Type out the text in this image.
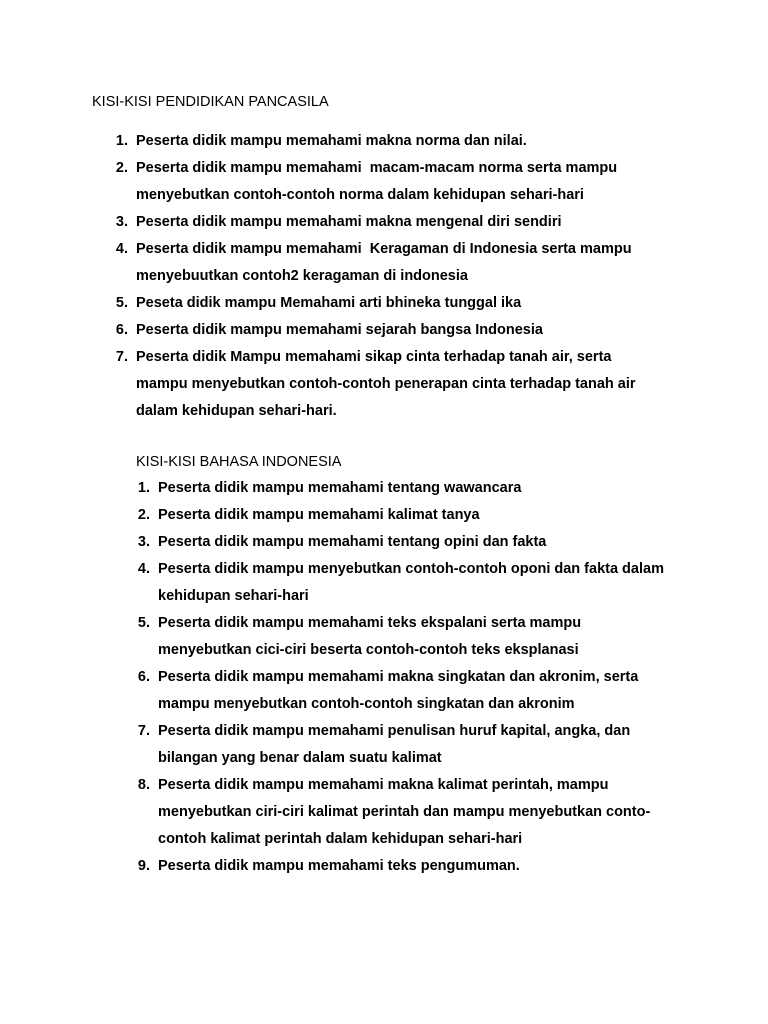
KISI-KISI PENDIDIKAN PANCASILA
1. Peserta didik mampu memahami makna norma dan nilai.
2. Peserta didik mampu memahami  macam-macam norma serta mampu menyebutkan contoh-contoh norma dalam kehidupan sehari-hari
3. Peserta didik mampu memahami makna mengenal diri sendiri
4. Peserta didik mampu memahami  Keragaman di Indonesia serta mampu menyebuutkan contoh2 keragaman di indonesia
5. Peseta didik mampu Memahami arti bhineka tunggal ika
6. Peserta didik mampu memahami sejarah bangsa Indonesia
7. Peserta didik Mampu memahami sikap cinta terhadap tanah air, serta mampu menyebutkan contoh-contoh penerapan cinta terhadap tanah air dalam kehidupan sehari-hari.
KISI-KISI BAHASA INDONESIA
1. Peserta didik mampu memahami tentang wawancara
2. Peserta didik mampu memahami kalimat tanya
3. Peserta didik mampu memahami tentang opini dan fakta
4. Peserta didik mampu menyebutkan contoh-contoh oponi dan fakta dalam kehidupan sehari-hari
5. Peserta didik mampu memahami teks ekspalani serta mampu menyebutkan cici-ciri beserta contoh-contoh teks eksplanasi
6. Peserta didik mampu memahami makna singkatan dan akronim, serta mampu menyebutkan contoh-contoh singkatan dan akronim
7. Peserta didik mampu memahami penulisan huruf kapital, angka, dan bilangan yang benar dalam suatu kalimat
8. Peserta didik mampu memahami makna kalimat perintah, mampu menyebutkan ciri-ciri kalimat perintah dan mampu menyebutkan conto-contoh kalimat perintah dalam kehidupan sehari-hari
9. Peserta didik mampu memahami teks pengumuman.
